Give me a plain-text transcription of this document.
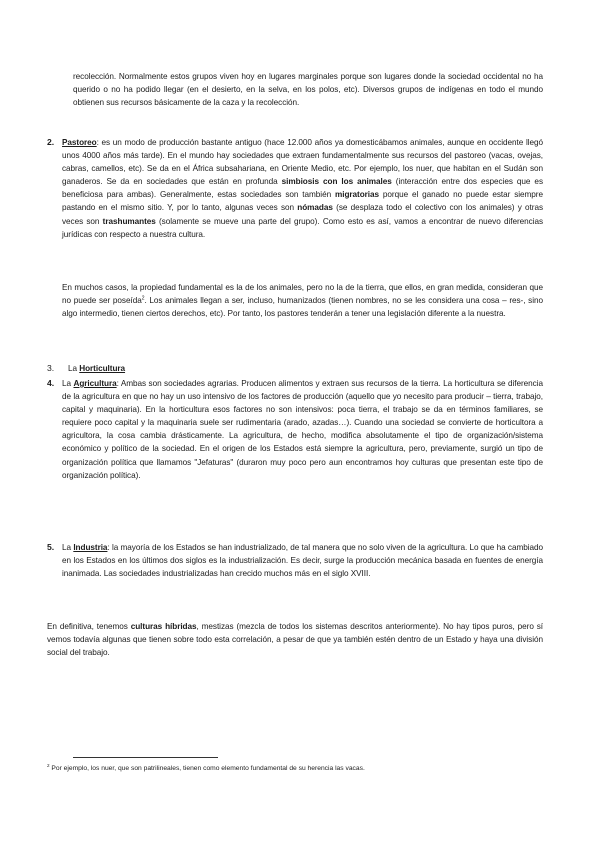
recolección. Normalmente estos grupos viven hoy en lugares marginales porque son lugares donde la sociedad occidental no ha querido o no ha podido llegar (en el desierto, en la selva, en los polos, etc). Diversos grupos de indígenas en todo el mundo obtienen sus recursos básicamente de la caza y la recolección.

2. Pastoreo: es un modo de producción bastante antiguo (hace 12.000 años ya domesticábamos animales, aunque en occidente llegó unos 4000 años más tarde). En el mundo hay sociedades que extraen fundamentalmente sus recursos del pastoreo (vacas, ovejas, cabras, camellos, etc). Se da en el África subsahariana, en Oriente Medio, etc. Por ejemplo, los nuer, que habitan en el Sudán son ganaderos. Se da en sociedades que están en profunda simbiosis con los animales (interacción entre dos especies que es beneficiosa para ambas). Generalmente, estas sociedades son también migratorias porque el ganado no puede estar siempre pastando en el mismo sitio. Y, por lo tanto, algunas veces son nómadas (se desplaza todo el colectivo con los animales) y otras veces son trashumantes (solamente se mueve una parte del grupo). Como esto es así, vamos a encontrar de nuevo diferencias jurídicas con respecto a nuestra cultura.

En muchos casos, la propiedad fundamental es la de los animales, pero no la de la tierra, que ellos, en gran medida, consideran que no puede ser poseída$^2$. Los animales llegan a ser, incluso, humanizados (tienen nombres, no se les considera una cosa – res-, sino algo intermedio, tienen ciertos derechos, etc). Por tanto, los pastores tenderán a tener una legislación diferente a la nuestra.

3. La Horticultura

4. La Agricultura: Ambas son sociedades agrarias. Producen alimentos y extraen sus recursos de la tierra. La horticultura se diferencia de la agricultura en que no hay un uso intensivo de los factores de producción (aquello que yo necesito para producir – tierra, trabajo, capital y maquinaria). En la horticultura esos factores no son intensivos: poca tierra, el trabajo se da en términos familiares, se requiere poco capital y la maquinaria suele ser rudimentaria (arado, azadas…). Cuando una sociedad se convierte de horticultora a agricultora, la cosa cambia drásticamente. La agricultura, de hecho, modifica absolutamente el tipo de organización/sistema económico y político de la sociedad. En el origen de los Estados está siempre la agricultura, pero, previamente, surgió un tipo de organización política que llamamos "Jefaturas" (duraron muy poco pero aun encontramos hoy culturas que presentan este tipo de organización política).

5. La Industria: la mayoría de los Estados se han industrializado, de tal manera que no solo viven de la agricultura. Lo que ha cambiado en los Estados en los últimos dos siglos es la industrialización. Es decir, surge la producción mecánica basada en fuentes de energía inanimada. Las sociedades industrializadas han crecido muchos más en el siglo XVIII.

En definitiva, tenemos culturas híbridas, mestizas (mezcla de todos los sistemas descritos anteriormente). No hay tipos puros, pero sí vemos todavía algunas que tienen sobre todo esta correlación, a pesar de que ya también estén dentro de un Estado y haya una división social del trabajo.

$^2$ Por ejemplo, los nuer, que son patrilineales, tienen como elemento fundamental de su herencia las vacas.
